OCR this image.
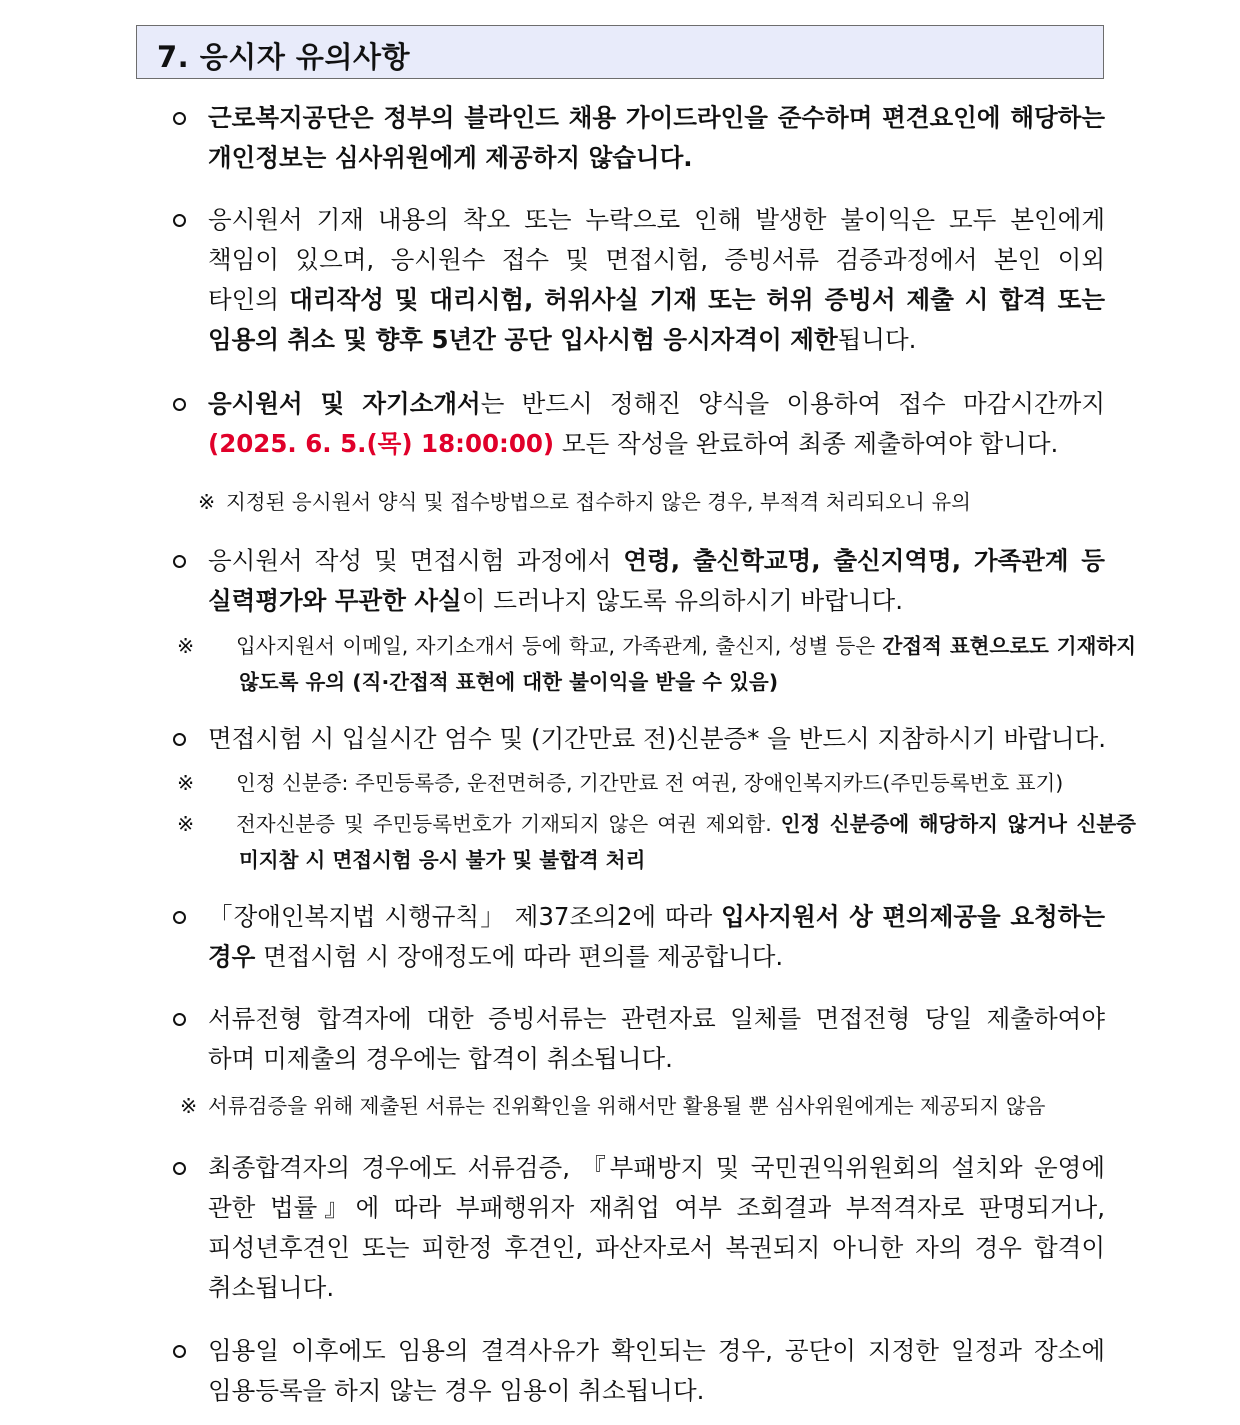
7. 응시자 유의사항
근로복지공단은 정부의 블라인드 채용 가이드라인을 준수하며 편견요인에 해당하는 개인정보는 심사위원에게 제공하지 않습니다.
응시원서 기재 내용의 착오 또는 누락으로 인해 발생한 불이익은 모두 본인에게 책임이 있으며, 응시원수 접수 및 면접시험, 증빙서류 검증과정에서 본인 이외 타인의 대리작성 및 대리시험, 허위사실 기재 또는 허위 증빙서 제출 시 합격 또는 임용의 취소 및 향후 5년간 공단 입사시험 응시자격이 제한됩니다.
응시원서 및 자기소개서는 반드시 정해진 양식을 이용하여 접수 마감시간까지 (2025. 6. 5.(목) 18:00:00) 모든 작성을 완료하여 최종 제출하여야 합니다.
※ 지정된 응시원서 양식 및 접수방법으로 접수하지 않은 경우, 부적격 처리되오니 유의
응시원서 작성 및 면접시험 과정에서 연령, 출신학교명, 출신지역명, 가족관계 등 실력평가와 무관한 사실이 드러나지 않도록 유의하시기 바랍니다.
※ 입사지원서 이메일, 자기소개서 등에 학교, 가족관계, 출신지, 성별 등은 간접적 표현으로도 기재하지 않도록 유의 (직·간접적 표현에 대한 불이익을 받을 수 있음)
면접시험 시 입실시간 엄수 및 (기간만료 전)신분증* 을 반드시 지참하시기 바랍니다.
※ 인정 신분증: 주민등록증, 운전면허증, 기간만료 전 여권, 장애인복지카드(주민등록번호 표기)
※ 전자신분증 및 주민등록번호가 기재되지 않은 여권 제외함. 인정 신분증에 해당하지 않거나 신분증 미지참 시 면접시험 응시 불가 및 불합격 처리
「장애인복지법 시행규칙」 제37조의2에 따라 입사지원서 상 편의제공을 요청하는 경우 면접시험 시 장애정도에 따라 편의를 제공합니다.
서류전형 합격자에 대한 증빙서류는 관련자료 일체를 면접전형 당일 제출하여야 하며 미제출의 경우에는 합격이 취소됩니다.
※ 서류검증을 위해 제출된 서류는 진위확인을 위해서만 활용될 뿐 심사위원에게는 제공되지 않음
최종합격자의 경우에도 서류검증, 『부패방지 및 국민권익위원회의 설치와 운영에 관한 법률』에 따라 부패행위자 재취업 여부 조회결과 부적격자로 판명되거나, 피성년후견인 또는 피한정 후견인, 파산자로서 복권되지 아니한 자의 경우 합격이 취소됩니다.
임용일 이후에도 임용의 결격사유가 확인되는 경우, 공단이 지정한 일정과 장소에 임용등록을 하지 않는 경우 임용이 취소됩니다.
